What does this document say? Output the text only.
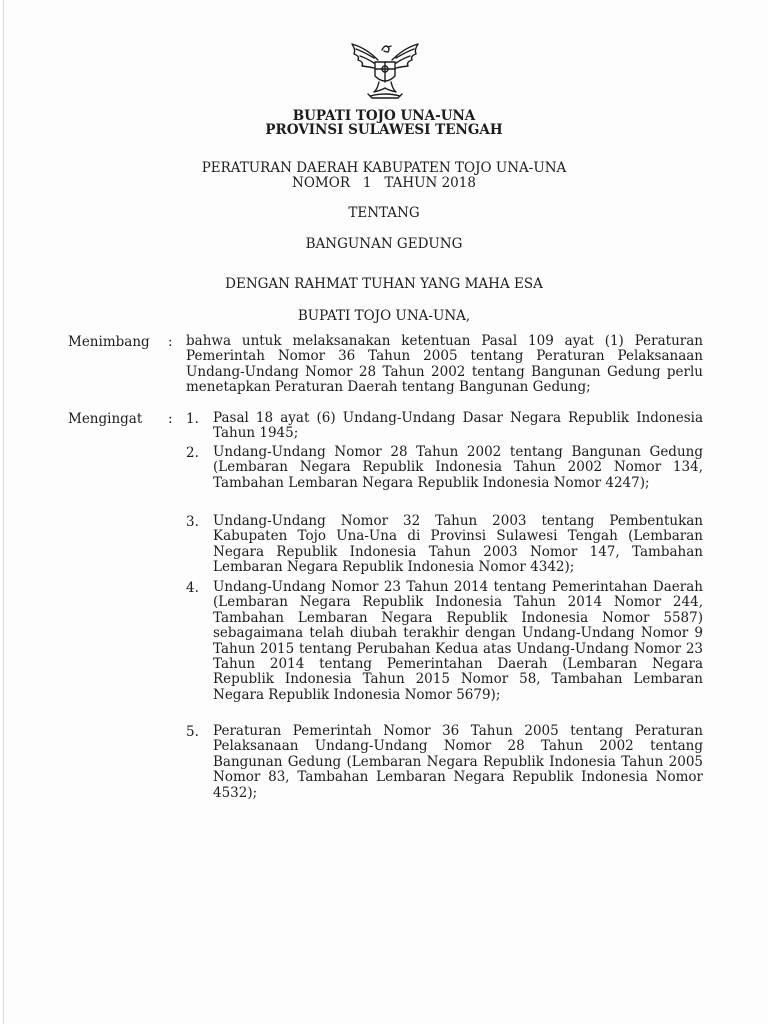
BUPATI TOJO UNA-UNA
PROVINSI SULAWESI TENGAH
PERATURAN DAERAH KABUPATEN TOJO UNA-UNA
NOMOR   1   TAHUN 2018
TENTANG
BANGUNAN GEDUNG
DENGAN RAHMAT TUHAN YANG MAHA ESA
BUPATI TOJO UNA-UNA,
Menimbang : bahwa untuk melaksanakan ketentuan Pasal 109 ayat (1) Peraturan Pemerintah Nomor 36 Tahun 2005 tentang Peraturan Pelaksanaan Undang-Undang Nomor 28 Tahun 2002 tentang Bangunan Gedung perlu menetapkan Peraturan Daerah tentang Bangunan Gedung;
Mengingat : 1. Pasal 18 ayat (6) Undang-Undang Dasar Negara Republik Indonesia Tahun 1945;
2. Undang-Undang Nomor 28 Tahun 2002 tentang Bangunan Gedung (Lembaran Negara Republik Indonesia Tahun 2002 Nomor 134, Tambahan Lembaran Negara Republik Indonesia Nomor 4247);
3. Undang-Undang Nomor 32 Tahun 2003 tentang Pembentukan Kabupaten Tojo Una-Una di Provinsi Sulawesi Tengah (Lembaran Negara Republik Indonesia Tahun 2003 Nomor 147, Tambahan Lembaran Negara Republik Indonesia Nomor 4342);
4. Undang-Undang Nomor 23 Tahun 2014 tentang Pemerintahan Daerah (Lembaran Negara Republik Indonesia Tahun 2014 Nomor 244, Tambahan Lembaran Negara Republik Indonesia Nomor 5587) sebagaimana telah diubah terakhir dengan Undang-Undang Nomor 9 Tahun 2015 tentang Perubahan Kedua atas Undang-Undang Nomor 23 Tahun 2014 tentang Pemerintahan Daerah (Lembaran Negara Republik Indonesia Tahun 2015 Nomor 58, Tambahan Lembaran Negara Republik Indonesia Nomor 5679);
5. Peraturan Pemerintah Nomor 36 Tahun 2005 tentang Peraturan Pelaksanaan Undang-Undang Nomor 28 Tahun 2002 tentang Bangunan Gedung (Lembaran Negara Republik Indonesia Tahun 2005 Nomor 83, Tambahan Lembaran Negara Republik Indonesia Nomor 4532);
